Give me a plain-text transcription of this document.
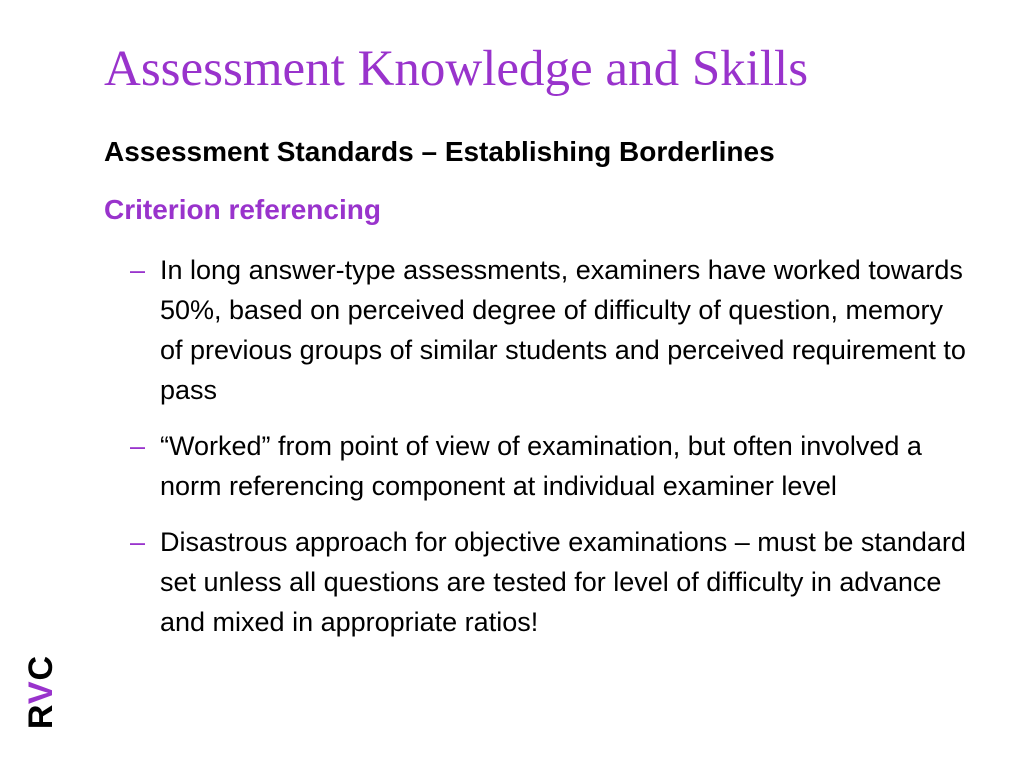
Assessment Knowledge and Skills
Assessment Standards – Establishing Borderlines
Criterion referencing
– In long answer-type assessments, examiners have worked towards 50%, based on perceived degree of difficulty of question, memory of previous groups of similar students and perceived requirement to pass
– “Worked” from point of view of examination, but often involved a norm referencing component at individual examiner level
– Disastrous approach for objective examinations – must be standard set unless all questions are tested for level of difficulty in advance and mixed in appropriate ratios!
RVC
